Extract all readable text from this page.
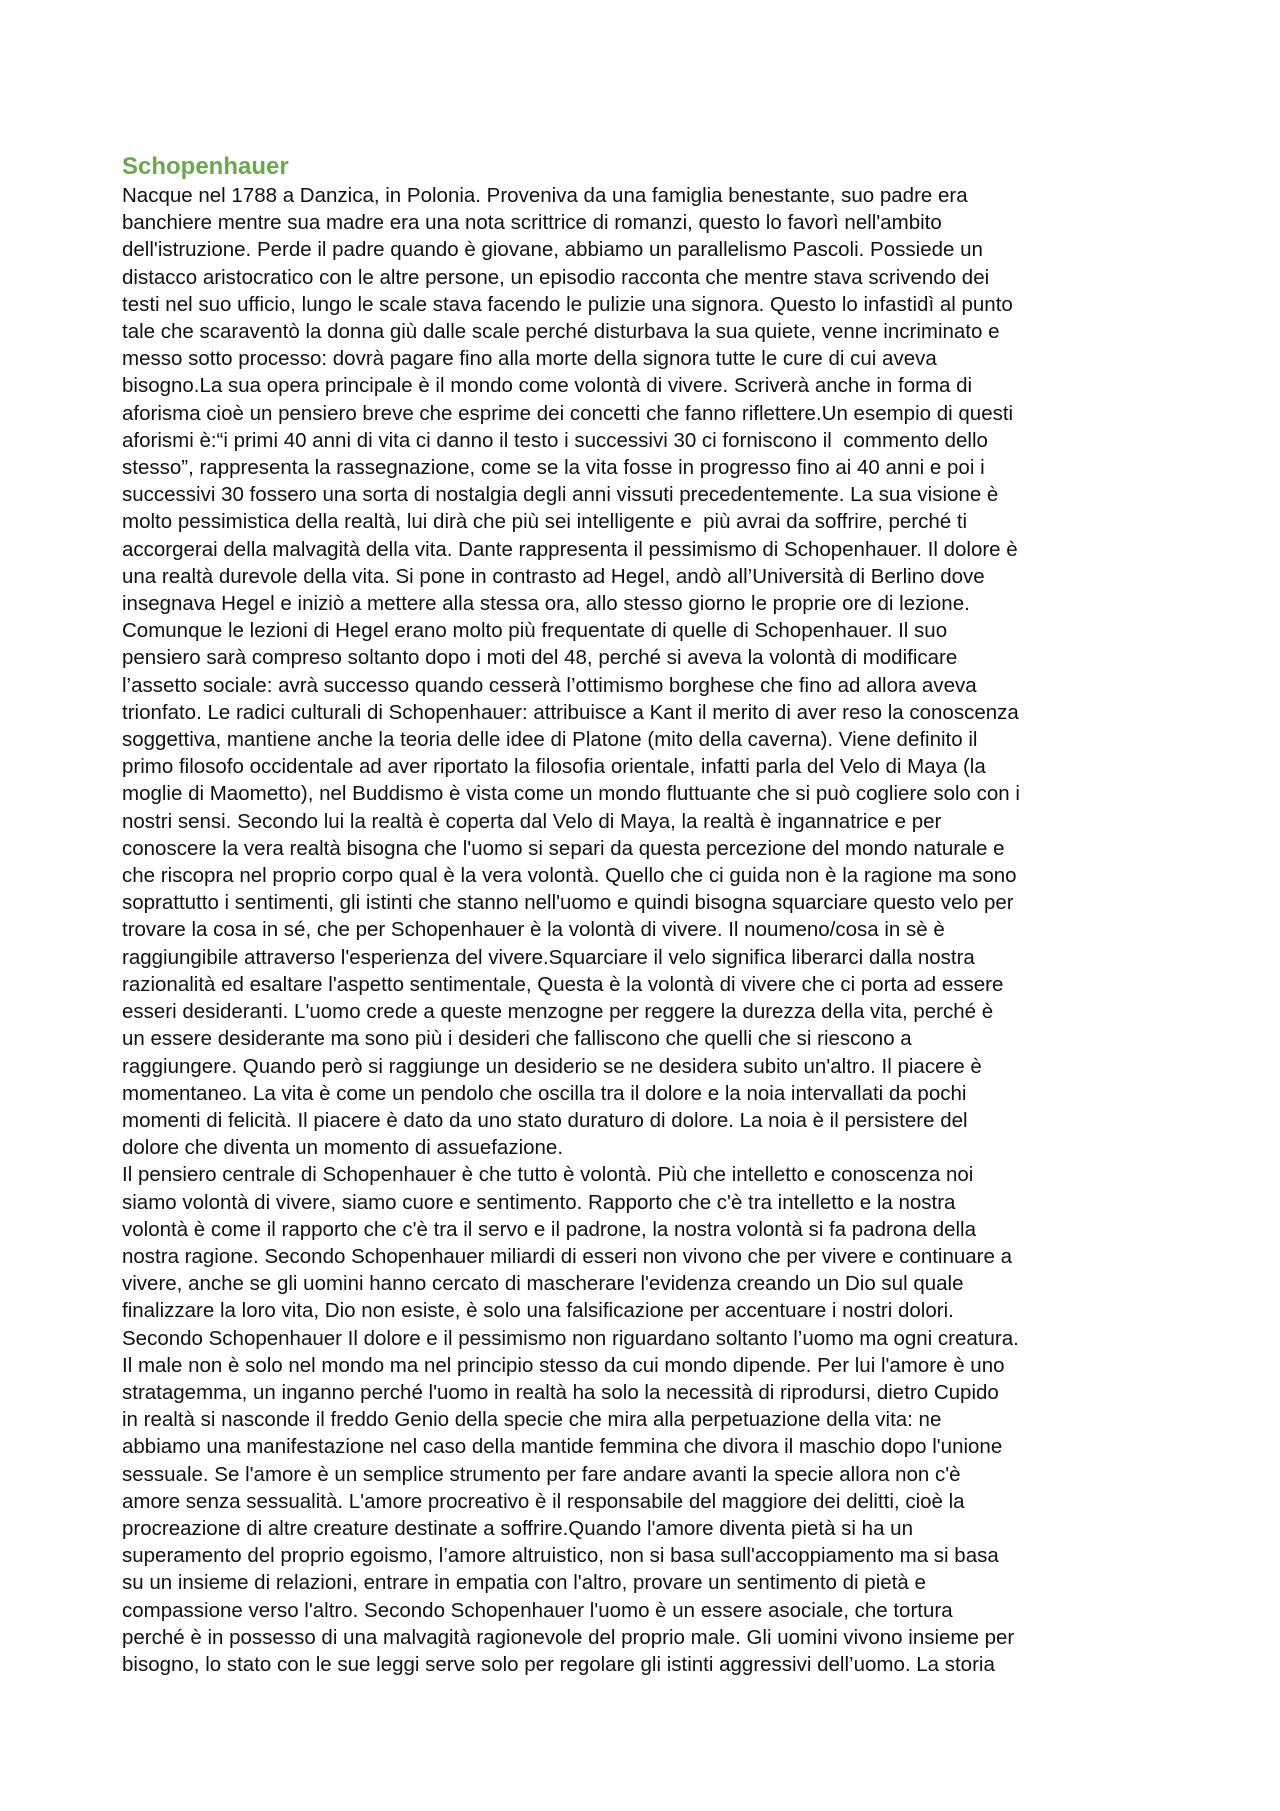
Schopenhauer
Nacque nel 1788 a Danzica, in Polonia. Proveniva da una famiglia benestante, suo padre era
banchiere mentre sua madre era una nota scrittrice di romanzi, questo lo favorì nell'ambito
dell'istruzione. Perde il padre quando è giovane, abbiamo un parallelismo Pascoli. Possiede un
distacco aristocratico con le altre persone, un episodio racconta che mentre stava scrivendo dei
testi nel suo ufficio, lungo le scale stava facendo le pulizie una signora. Questo lo infastidì al punto
tale che scaraventò la donna giù dalle scale perché disturbava la sua quiete, venne incriminato e
messo sotto processo: dovrà pagare fino alla morte della signora tutte le cure di cui aveva
bisogno.La sua opera principale è il mondo come volontà di vivere. Scriverà anche in forma di
aforisma cioè un pensiero breve che esprime dei concetti che fanno riflettere.Un esempio di questi
aforismi è:“i primi 40 anni di vita ci danno il testo i successivi 30 ci forniscono il  commento dello
stesso”, rappresenta la rassegnazione, come se la vita fosse in progresso fino ai 40 anni e poi i
successivi 30 fossero una sorta di nostalgia degli anni vissuti precedentemente. La sua visione è
molto pessimistica della realtà, lui dirà che più sei intelligente e  più avrai da soffrire, perché ti
accorgerai della malvagità della vita. Dante rappresenta il pessimismo di Schopenhauer. Il dolore è
una realtà durevole della vita. Si pone in contrasto ad Hegel, andò all’Università di Berlino dove
insegnava Hegel e iniziò a mettere alla stessa ora, allo stesso giorno le proprie ore di lezione.
Comunque le lezioni di Hegel erano molto più frequentate di quelle di Schopenhauer. Il suo
pensiero sarà compreso soltanto dopo i moti del 48, perché si aveva la volontà di modificare
l’assetto sociale: avrà successo quando cesserà l’ottimismo borghese che fino ad allora aveva
trionfato. Le radici culturali di Schopenhauer: attribuisce a Kant il merito di aver reso la conoscenza
soggettiva, mantiene anche la teoria delle idee di Platone (mito della caverna). Viene definito il
primo filosofo occidentale ad aver riportato la filosofia orientale, infatti parla del Velo di Maya (la
moglie di Maometto), nel Buddismo è vista come un mondo fluttuante che si può cogliere solo con i
nostri sensi. Secondo lui la realtà è coperta dal Velo di Maya, la realtà è ingannatrice e per
conoscere la vera realtà bisogna che l'uomo si separi da questa percezione del mondo naturale e
che riscopra nel proprio corpo qual è la vera volontà. Quello che ci guida non è la ragione ma sono
soprattutto i sentimenti, gli istinti che stanno nell'uomo e quindi bisogna squarciare questo velo per
trovare la cosa in sé, che per Schopenhauer è la volontà di vivere. Il noumeno/cosa in sè è
raggiungibile attraverso l'esperienza del vivere.Squarciare il velo significa liberarci dalla nostra
razionalità ed esaltare l'aspetto sentimentale, Questa è la volontà di vivere che ci porta ad essere
esseri desideranti. L'uomo crede a queste menzogne per reggere la durezza della vita, perché è
un essere desiderante ma sono più i desideri che falliscono che quelli che si riescono a
raggiungere. Quando però si raggiunge un desiderio se ne desidera subito un'altro. Il piacere è
momentaneo. La vita è come un pendolo che oscilla tra il dolore e la noia intervallati da pochi
momenti di felicità. Il piacere è dato da uno stato duraturo di dolore. La noia è il persistere del
dolore che diventa un momento di assuefazione.
Il pensiero centrale di Schopenhauer è che tutto è volontà. Più che intelletto e conoscenza noi
siamo volontà di vivere, siamo cuore e sentimento. Rapporto che c'è tra intelletto e la nostra
volontà è come il rapporto che c'è tra il servo e il padrone, la nostra volontà si fa padrona della
nostra ragione. Secondo Schopenhauer miliardi di esseri non vivono che per vivere e continuare a
vivere, anche se gli uomini hanno cercato di mascherare l'evidenza creando un Dio sul quale
finalizzare la loro vita, Dio non esiste, è solo una falsificazione per accentuare i nostri dolori.
Secondo Schopenhauer Il dolore e il pessimismo non riguardano soltanto l’uomo ma ogni creatura.
Il male non è solo nel mondo ma nel principio stesso da cui mondo dipende. Per lui l'amore è uno
stratagemma, un inganno perché l'uomo in realtà ha solo la necessità di riprodursi, dietro Cupido
in realtà si nasconde il freddo Genio della specie che mira alla perpetuazione della vita: ne
abbiamo una manifestazione nel caso della mantide femmina che divora il maschio dopo l'unione
sessuale. Se l'amore è un semplice strumento per fare andare avanti la specie allora non c'è
amore senza sessualità. L'amore procreativo è il responsabile del maggiore dei delitti, cioè la
procreazione di altre creature destinate a soffrire.Quando l'amore diventa pietà si ha un
superamento del proprio egoismo, l’amore altruistico, non si basa sull'accoppiamento ma si basa
su un insieme di relazioni, entrare in empatia con l'altro, provare un sentimento di pietà e
compassione verso l'altro. Secondo Schopenhauer l'uomo è un essere asociale, che tortura
perché è in possesso di una malvagità ragionevole del proprio male. Gli uomini vivono insieme per
bisogno, lo stato con le sue leggi serve solo per regolare gli istinti aggressivi dell’uomo. La storia
